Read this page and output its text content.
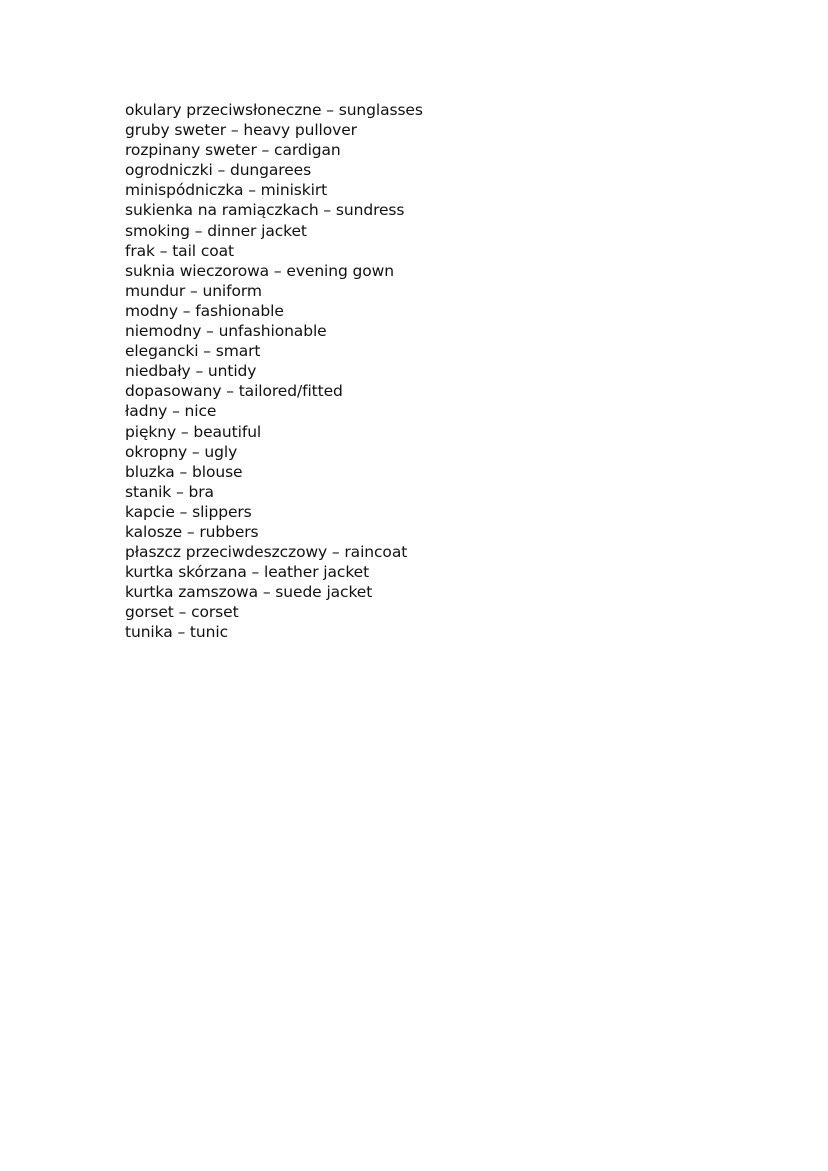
okulary przeciwsłoneczne – sunglasses
gruby sweter – heavy pullover
rozpinany sweter – cardigan
ogrodniczki – dungarees
minispódniczka – miniskirt
sukienka na ramiączkach – sundress
smoking – dinner jacket
frak – tail coat
suknia wieczorowa – evening gown
mundur – uniform
modny – fashionable
niemodny – unfashionable
elegancki – smart
niedbały – untidy
dopasowany – tailored/fitted
ładny – nice
piękny – beautiful
okropny – ugly
bluzka – blouse
stanik – bra
kapcie – slippers
kalosze – rubbers
płaszcz przeciwdeszczowy – raincoat
kurtka skórzana – leather jacket
kurtka zamszowa – suede jacket
gorset – corset
tunika – tunic
